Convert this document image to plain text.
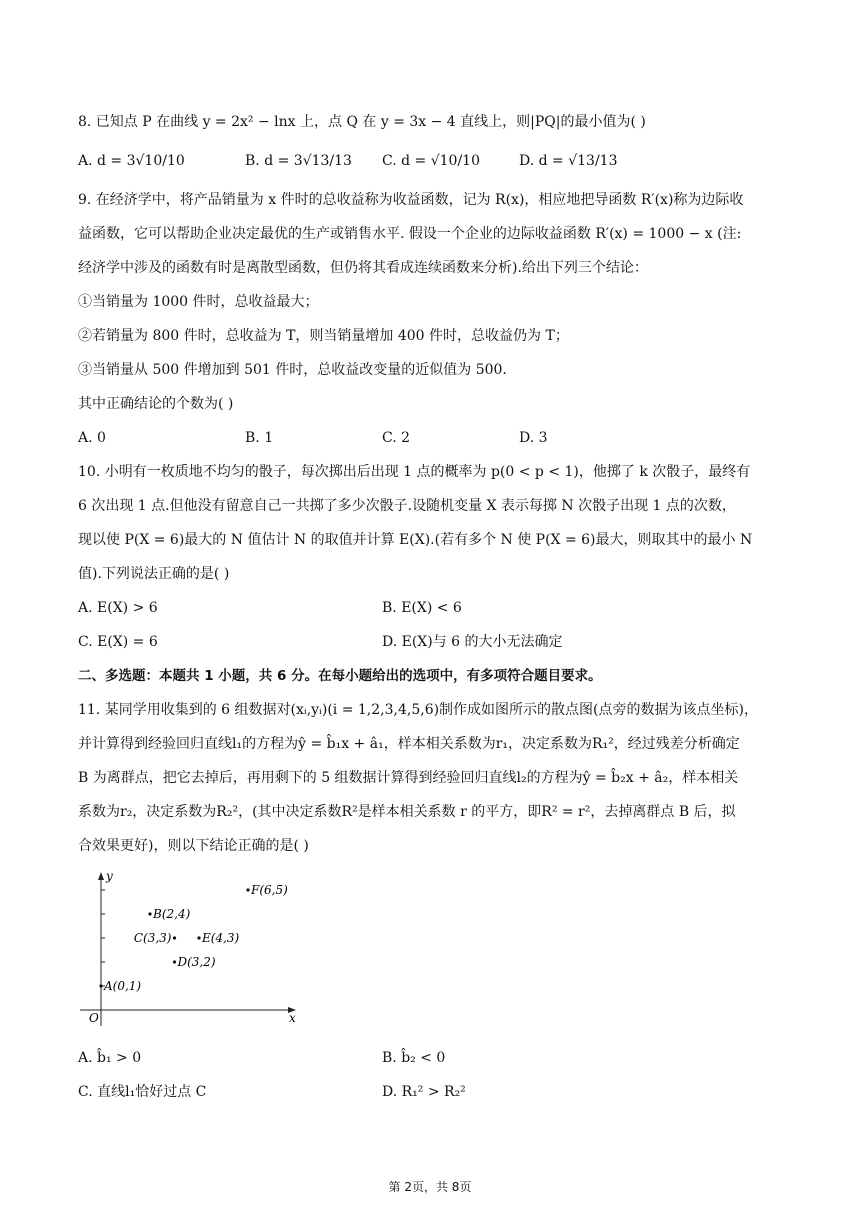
8. 已知点 P 在曲线 y = 2x² − lnx 上，点 Q 在 y = 3x − 4 直线上，则|PQ|的最小值为( )
A. d = 3√10/10	B. d = 3√13/13 C. d = √10/10	D. d = √13/13
9. 在经济学中，将产品销量为 x 件时的总收益称为收益函数，记为 R(x)，相应地把导函数 R′(x)称为边际收
益函数，它可以帮助企业决定最优的生产或销售水平. 假设一个企业的边际收益函数 R′(x) = 1000 − x (注:
经济学中涉及的函数有时是离散型函数，但仍将其看成连续函数来分析).给出下列三个结论：
①当销量为 1000 件时，总收益最大；
②若销量为 800 件时，总收益为 T，则当销量增加 400 件时，总收益仍为 T；
③当销量从 500 件增加到 501 件时，总收益改变量的近似值为 500.
其中正确结论的个数为( )
A. 0	B. 1	C. 2	D. 3
10. 小明有一枚质地不均匀的骰子，每次掷出后出现 1 点的概率为 p(0 < p < 1)，他掷了 k 次骰子，最终有
6 次出现 1 点.但他没有留意自己一共掷了多少次骰子.设随机变量 X 表示每掷 N 次骰子出现 1 点的次数，
现以使 P(X = 6)最大的 N 值估计 N 的取值并计算 E(X).(若有多个 N 使 P(X = 6)最大，则取其中的最小 N
值).下列说法正确的是( )
A. E(X) > 6	B. E(X) < 6
C. E(X) = 6	D. E(X)与 6 的大小无法确定
二、多选题：本题共 1 小题，共 6 分。在每小题给出的选项中，有多项符合题目要求。
11. 某同学用收集到的 6 组数据对(xᵢ,yᵢ)(i = 1,2,3,4,5,6)制作成如图所示的散点图(点旁的数据为该点坐标)，
并计算得到经验回归直线l₁的方程为ŷ = b̂₁x + â₁，样本相关系数为r₁，决定系数为R₁²，经过残差分析确定
B 为离群点，把它去掉后，再用剩下的 5 组数据计算得到经验回归直线l₂的方程为ŷ = b̂₂x + â₂，样本相关
系数为r₂，决定系数为R₂²，(其中决定系数R²是样本相关系数 r 的平方，即R² = r²，去掉离群点 B 后，拟
合效果更好)，则以下结论正确的是( )
x
y
O
A(0,1)
B(2,4)
C(3,3)
D(3,2)
E(4,3)
F(6,5)
A. b̂₁ > 0	B. b̂₂ < 0
C. 直线l₁恰好过点 C	D. R₁² > R₂²
第 2页，共 8页
